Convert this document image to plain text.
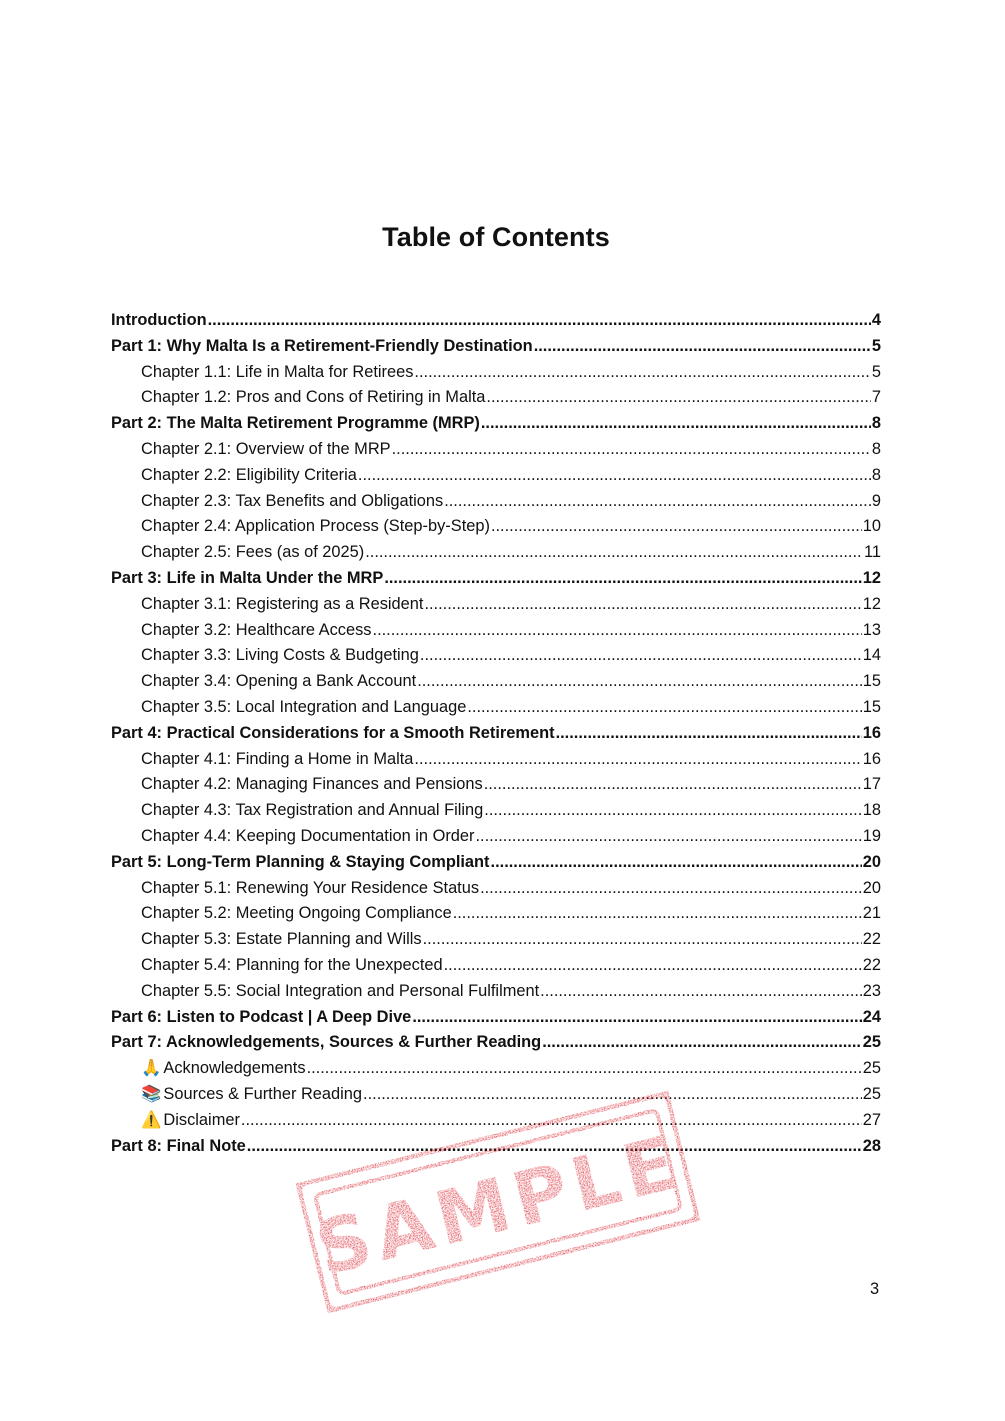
Table of Contents
Introduction .....	4
Part 1: Why Malta Is a Retirement-Friendly Destination .....	5
Chapter 1.1: Life in Malta for Retirees .....	5
Chapter 1.2: Pros and Cons of Retiring in Malta .....	7
Part 2: The Malta Retirement Programme (MRP) .....	8
Chapter 2.1: Overview of the MRP .....	8
Chapter 2.2: Eligibility Criteria .....	8
Chapter 2.3: Tax Benefits and Obligations .....	9
Chapter 2.4: Application Process (Step-by-Step) .....	10
Chapter 2.5: Fees (as of 2025) .....	11
Part 3: Life in Malta Under the MRP .....	12
Chapter 3.1: Registering as a Resident .....	12
Chapter 3.2: Healthcare Access .....	13
Chapter 3.3: Living Costs & Budgeting .....	14
Chapter 3.4: Opening a Bank Account .....	15
Chapter 3.5: Local Integration and Language .....	15
Part 4: Practical Considerations for a Smooth Retirement .....	16
Chapter 4.1: Finding a Home in Malta .....	16
Chapter 4.2: Managing Finances and Pensions .....	17
Chapter 4.3: Tax Registration and Annual Filing .....	18
Chapter 4.4: Keeping Documentation in Order .....	19
Part 5: Long-Term Planning & Staying Compliant .....	20
Chapter 5.1: Renewing Your Residence Status .....	20
Chapter 5.2: Meeting Ongoing Compliance .....	21
Chapter 5.3: Estate Planning and Wills .....	22
Chapter 5.4: Planning for the Unexpected .....	22
Chapter 5.5: Social Integration and Personal Fulfilment .....	23
Part 6: Listen to Podcast | A Deep Dive .....	24
Part 7: Acknowledgements, Sources & Further Reading .....	25
🙏 Acknowledgements .....	25
📚 Sources & Further Reading .....	25
⚠️ Disclaimer .....	27
Part 8: Final Note .....	28
3
SAMPLE
